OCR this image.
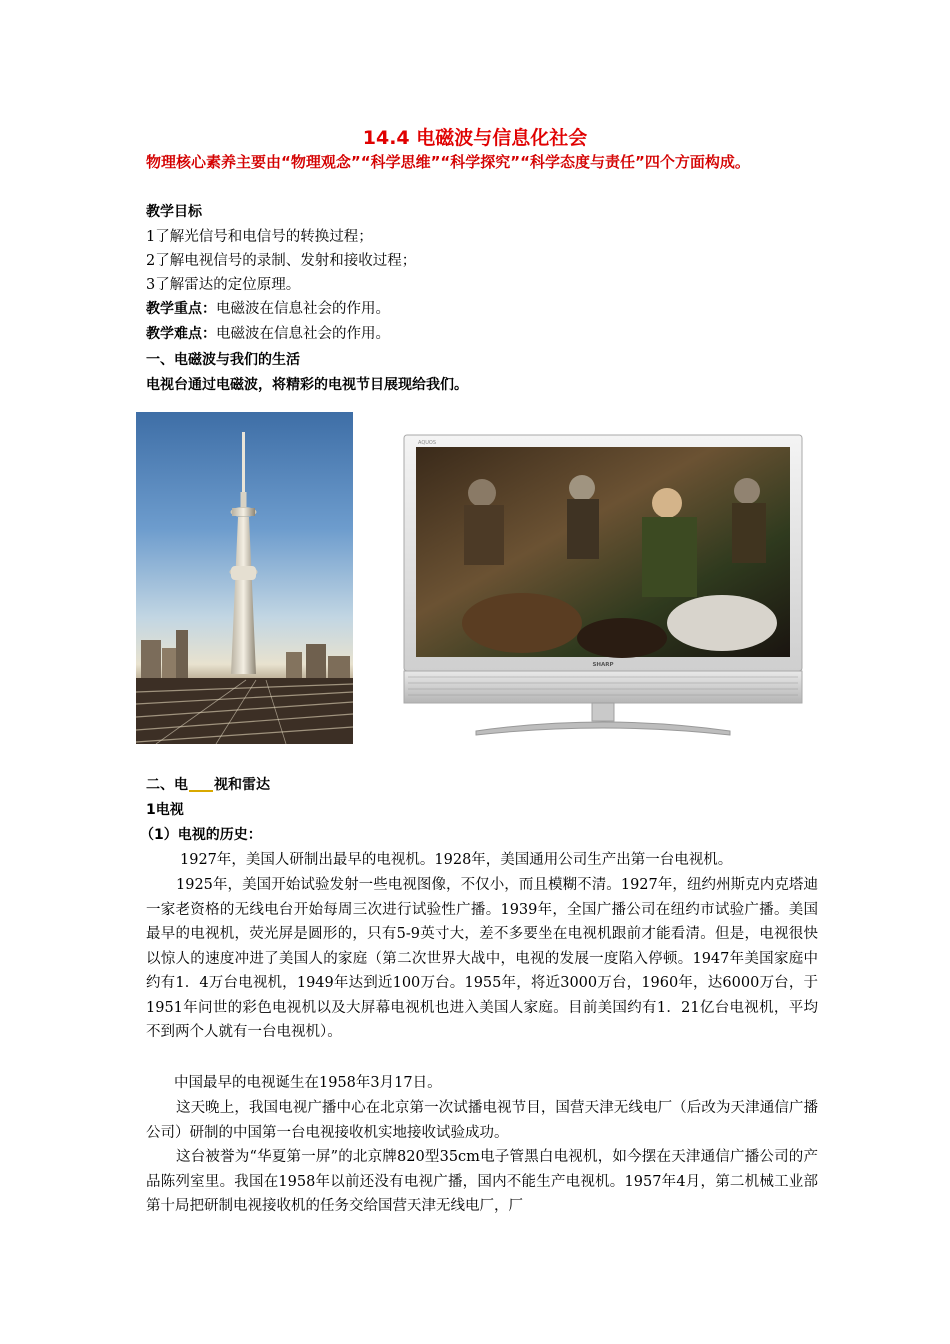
14.4 电磁波与信息化社会
物理核心素养主要由“物理观念”“科学思维”“科学探究”“科学态度与责任”四个方面构成。
教学目标
1了解光信号和电信号的转换过程；
2了解电视信号的录制、发射和接收过程；
3了解雷达的定位原理。
教学重点：电磁波在信息社会的作用。
教学难点：电磁波在信息社会的作用。
一、电磁波与我们的生活
电视台通过电磁波，将精彩的电视节目展现给我们。
AQUOS
SHARP
二、电 视和雷达
1电视
（1）电视的历史：
1927年，美国人研制出最早的电视机。1928年，美国通用公司生产出第一台电视机。
1925年，美国开始试验发射一些电视图像，不仅小，而且模糊不清。1927年，纽约州斯克内克塔迪一家老资格的无线电台开始每周三次进行试验性广播。1939年，全国广播公司在纽约市试验广播。美国最早的电视机，荧光屏是圆形的，只有5-9英寸大，差不多要坐在电视机跟前才能看清。但是，电视很快以惊人的速度冲进了美国人的家庭（第二次世界大战中，电视的发展一度陷入停顿。1947年美国家庭中约有1．4万台电视机，1949年达到近100万台。1955年，将近3000万台，1960年，达6000万台，于1951年问世的彩色电视机以及大屏幕电视机也进入美国人家庭。目前美国约有1．21亿台电视机，平均不到两个人就有一台电视机）。
中国最早的电视诞生在1958年3月17日。
这天晚上，我国电视广播中心在北京第一次试播电视节目，国营天津无线电厂（后改为天津通信广播公司）研制的中国第一台电视接收机实地接收试验成功。
这台被誉为“华夏第一屏”的北京牌820型35cm电子管黑白电视机，如今摆在天津通信广播公司的产品陈列室里。我国在1958年以前还没有电视广播，国内不能生产电视机。1957年4月，第二机械工业部第十局把研制电视接收机的任务交给国营天津无线电厂，厂
